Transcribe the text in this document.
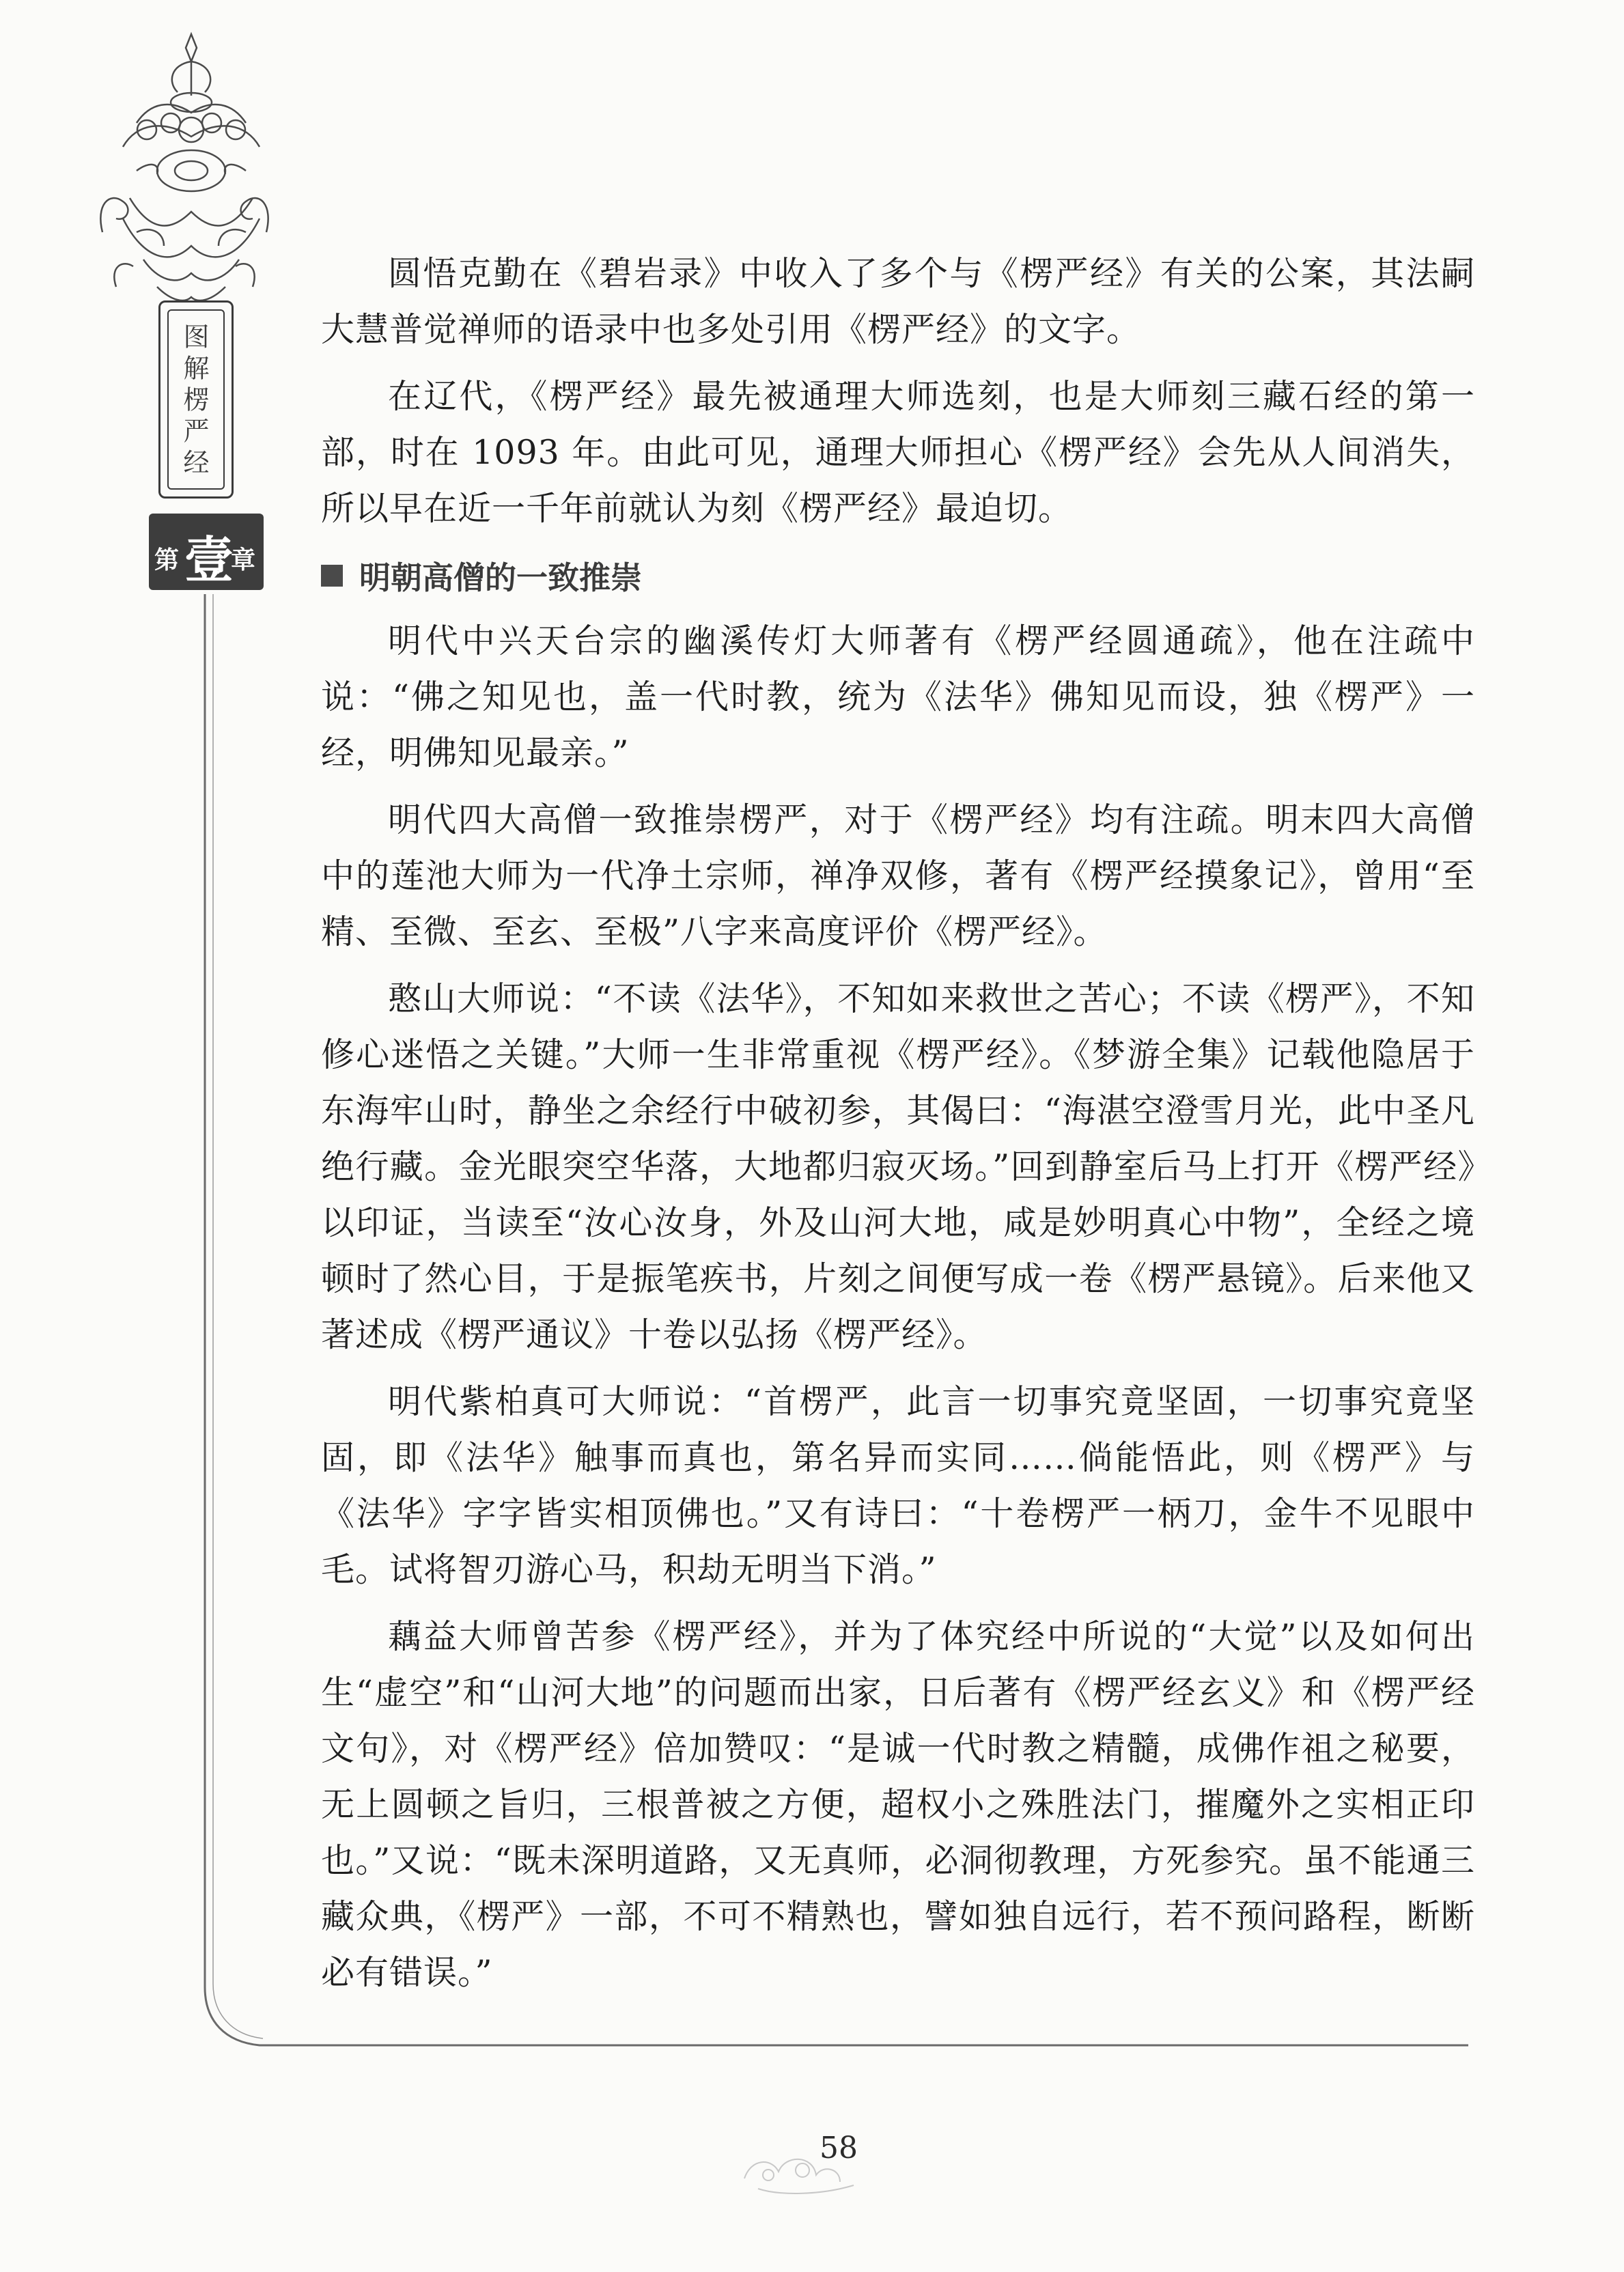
图解楞严经
第 壹
章

圆悟克勤在《碧岩录》中收入了多个与《楞严经》有关的公案，其法嗣大慧普觉禅师的语录中也多处引用《楞严经》的文字。

在辽代，《楞严经》最先被通理大师选刻，也是大师刻三藏石经的第一部，时在 1093 年。由此可见，通理大师担心《楞严经》会先从人间消失，所以早在近一千年前就认为刻《楞严经》最迫切。

明朝高僧的一致推崇

明代中兴天台宗的幽溪传灯大师著有《楞严经圆通疏》，他在注疏中说：“佛之知见也，盖一代时教，统为《法华》佛知见而设，独《楞严》一经，明佛知见最亲。”

明代四大高僧一致推崇楞严，对于《楞严经》均有注疏。明末四大高僧中的莲池大师为一代净土宗师，禅净双修，著有《楞严经摸象记》，曾用“至精、至微、至玄、至极”八字来高度评价《楞严经》。

憨山大师说：“不读《法华》，不知如来救世之苦心；不读《楞严》，不知修心迷悟之关键。”大师一生非常重视《楞严经》。《梦游全集》记载他隐居于东海牢山时，静坐之余经行中破初参，其偈曰：“海湛空澄雪月光，此中圣凡绝行藏。金光眼突空华落，大地都归寂灭场。”回到静室后马上打开《楞严经》以印证，当读至“汝心汝身，外及山河大地，咸是妙明真心中物”，全经之境顿时了然心目，于是振笔疾书，片刻之间便写成一卷《楞严悬镜》。后来他又著述成《楞严通议》十卷以弘扬《楞严经》。

明代紫柏真可大师说：“首楞严，此言一切事究竟坚固，一切事究竟坚固，即《法华》触事而真也，第名异而实同……倘能悟此，则《楞严》与《法华》字字皆实相顶佛也。”又有诗曰：“十卷楞严一柄刀，金牛不见眼中毛。试将智刃游心马，积劫无明当下消。”

藕益大师曾苦参《楞严经》，并为了体究经中所说的“大觉”以及如何出生“虚空”和“山河大地”的问题而出家，日后著有《楞严经玄义》和《楞严经文句》，对《楞严经》倍加赞叹：“是诚一代时教之精髓，成佛作祖之秘要，无上圆顿之旨归，三根普被之方便，超权小之殊胜法门，摧魔外之实相正印也。”又说：“既未深明道路，又无真师，必洞彻教理，方死参究。虽不能通三藏众典，《楞严》一部，不可不精熟也，譬如独自远行，若不预问路程，断断必有错误。”

58
